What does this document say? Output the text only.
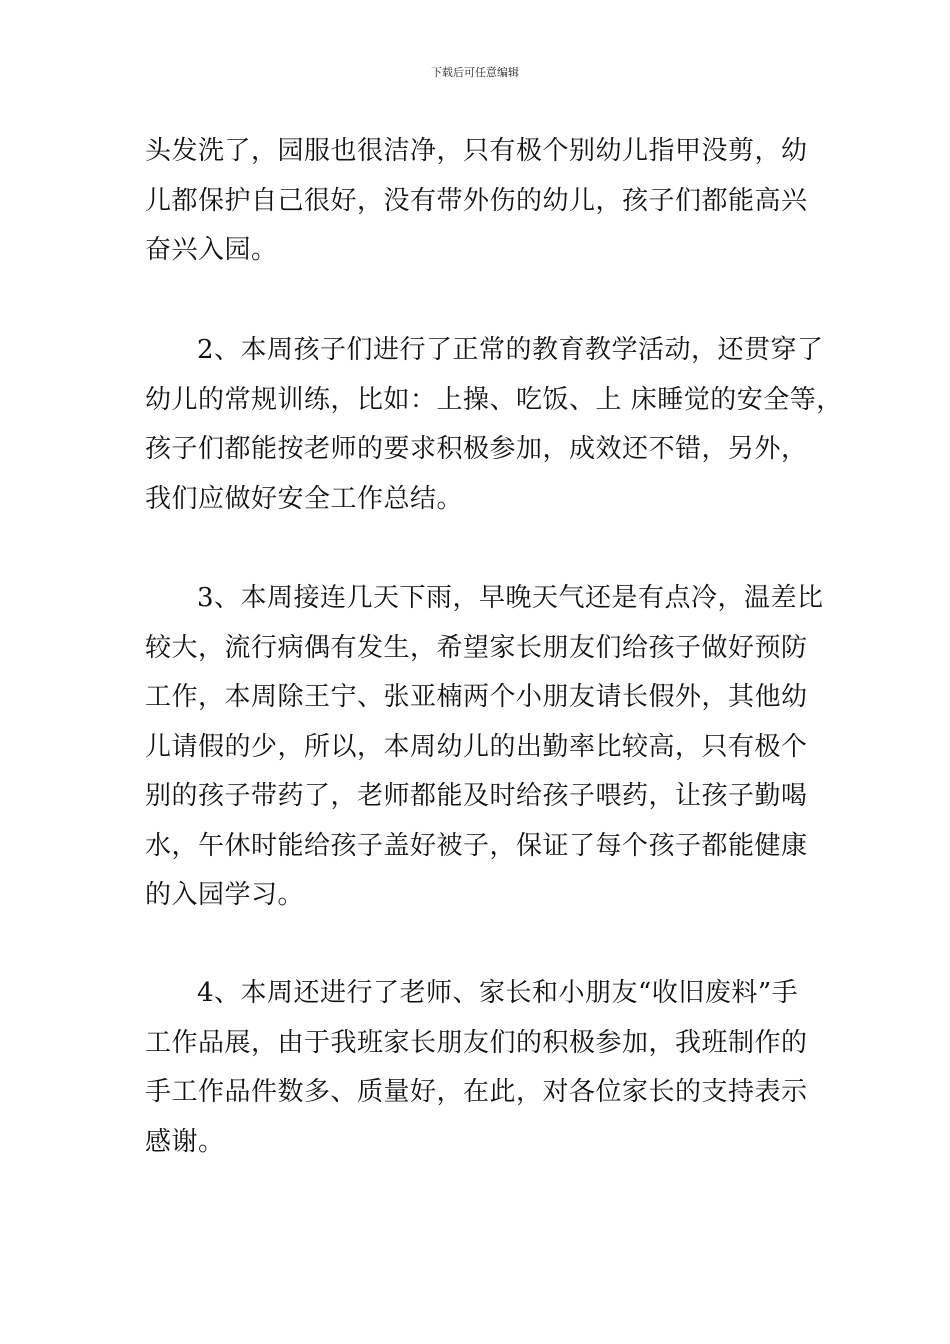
下载后可任意编辑
头发洗了，园服也很洁净，只有极个别幼儿指甲没剪，幼
儿都保护自己很好，没有带外伤的幼儿，孩子们都能高兴
奋兴入园。
2、本周孩子们进行了正常的教育教学活动，还贯穿了
幼儿的常规训练，比如：上操、吃饭、上 床睡觉的安全等，
孩子们都能按老师的要求积极参加，成效还不错，另外，
我们应做好安全工作总结。
3、本周接连几天下雨，早晚天气还是有点冷，温差比
较大，流行病偶有发生，希望家长朋友们给孩子做好预防
工作，本周除王宁、张亚楠两个小朋友请长假外，其他幼
儿请假的少，所以，本周幼儿的出勤率比较高，只有极个
别的孩子带药了，老师都能及时给孩子喂药，让孩子勤喝
水，午休时能给孩子盖好被子，保证了每个孩子都能健康
的入园学习。
4、本周还进行了老师、家长和小朋友“收旧废料”手
工作品展，由于我班家长朋友们的积极参加，我班制作的
手工作品件数多、质量好，在此，对各位家长的支持表示
感谢。
